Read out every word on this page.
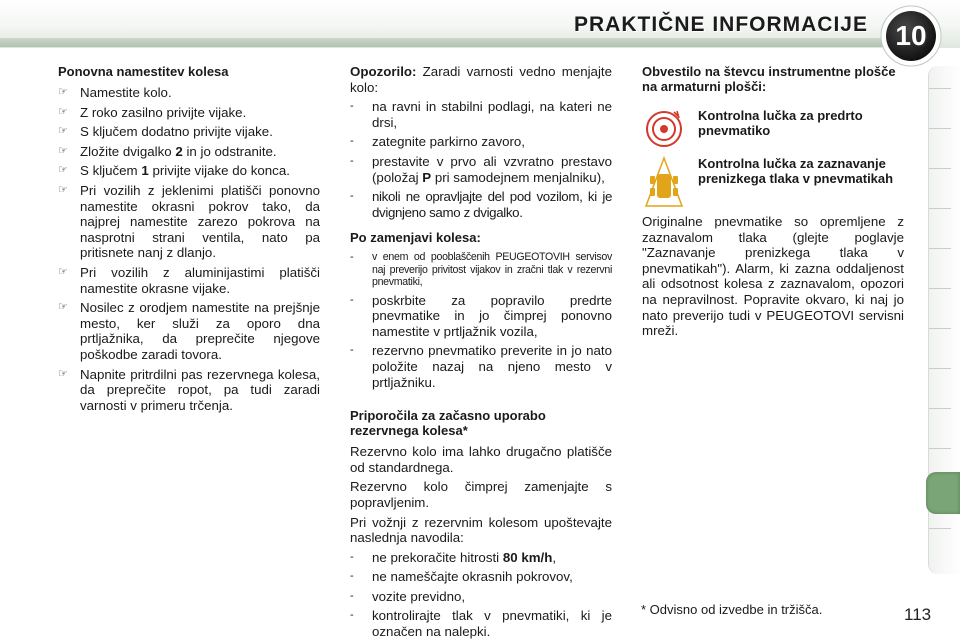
PRAKTIČNE INFORMACIJE 10
Ponovna namestitev kolesa
☞ Namestite kolo.
☞ Z roko zasilno privijte vijake.
☞ S ključem dodatno privijte vijake.
☞ Zložite dvigalko 2 in jo odstranite.
☞ S ključem 1 privijte vijake do konca.
☞ Pri vozilih z jeklenimi platišči ponovno namestite okrasni pokrov tako, da najprej namestite zarezo pokrova na nasprotni strani ventila, nato pa pritisnete nanj z dlanjo.
☞ Pri vozilih z aluminijastimi platišči namestite okrasne vijake.
☞ Nosilec z orodjem namestite na prejšnje mesto, ker služi za oporo dna prtljažnika, da preprečite njegove poškodbe zaradi tovora.
☞ Napnite pritrdilni pas rezervnega kolesa, da preprečite ropot, pa tudi zaradi varnosti v primeru trčenja.
Opozorilo: Zaradi varnosti vedno menjajte kolo:
-	na ravni in stabilni podlagi, na kateri ne drsi,
-	zategnite parkirno zavoro,
-	prestavite v prvo ali vzvratno prestavo (položaj P pri samodejnem menjalniku),
-	nikoli ne opravljajte del pod vozilom, ki je dvignjeno samo z dvigalko.
Po zamenjavi kolesa:
-	v enem od pooblaščenih PEUGEOTOVIH servisov naj preverijo privitost vijakov in zračni tlak v rezervni pnevmatiki,
-	poskrbite za popravilo predrte pnevmatike in jo čimprej ponovno namestite v prtljažnik vozila,
-	rezervno pnevmatiko preverite in jo nato položite nazaj na njeno mesto v prtljažniku.
Priporočila za začasno uporabo rezervnega kolesa*
Rezervno kolo ima lahko drugačno platišče od standardnega.
Rezervno kolo čimprej zamenjajte s popravljenim.
Pri vožnji z rezervnim kolesom upoštevajte naslednja navodila:
-	ne prekoračite hitrosti 80 km/h,
-	ne nameščajte okrasnih pokrovov,
-	vozite previdno,
-	kontrolirajte tlak v pnevmatiki, ki je označen na nalepki.
Obvestilo na števcu instrumentne plošče na armaturni plošči:
Kontrolna lučka za predrto pnevmatiko
Kontrolna lučka za zaznavanje prenizkega tlaka v pnevmatikah
Originalne pnevmatike so opremljene z zaznavalom tlaka (glejte poglavje "Zaznavanje prenizkega tlaka v pnevmatikah"). Alarm, ki zazna oddaljenost ali odsotnost kolesa z zaznavalom, opozori na nepravilnost. Popravite okvaro, ki naj jo nato preverijo tudi v PEUGEOTOVI servisni mreži.
* Odvisno od izvedbe in tržišča.	113
